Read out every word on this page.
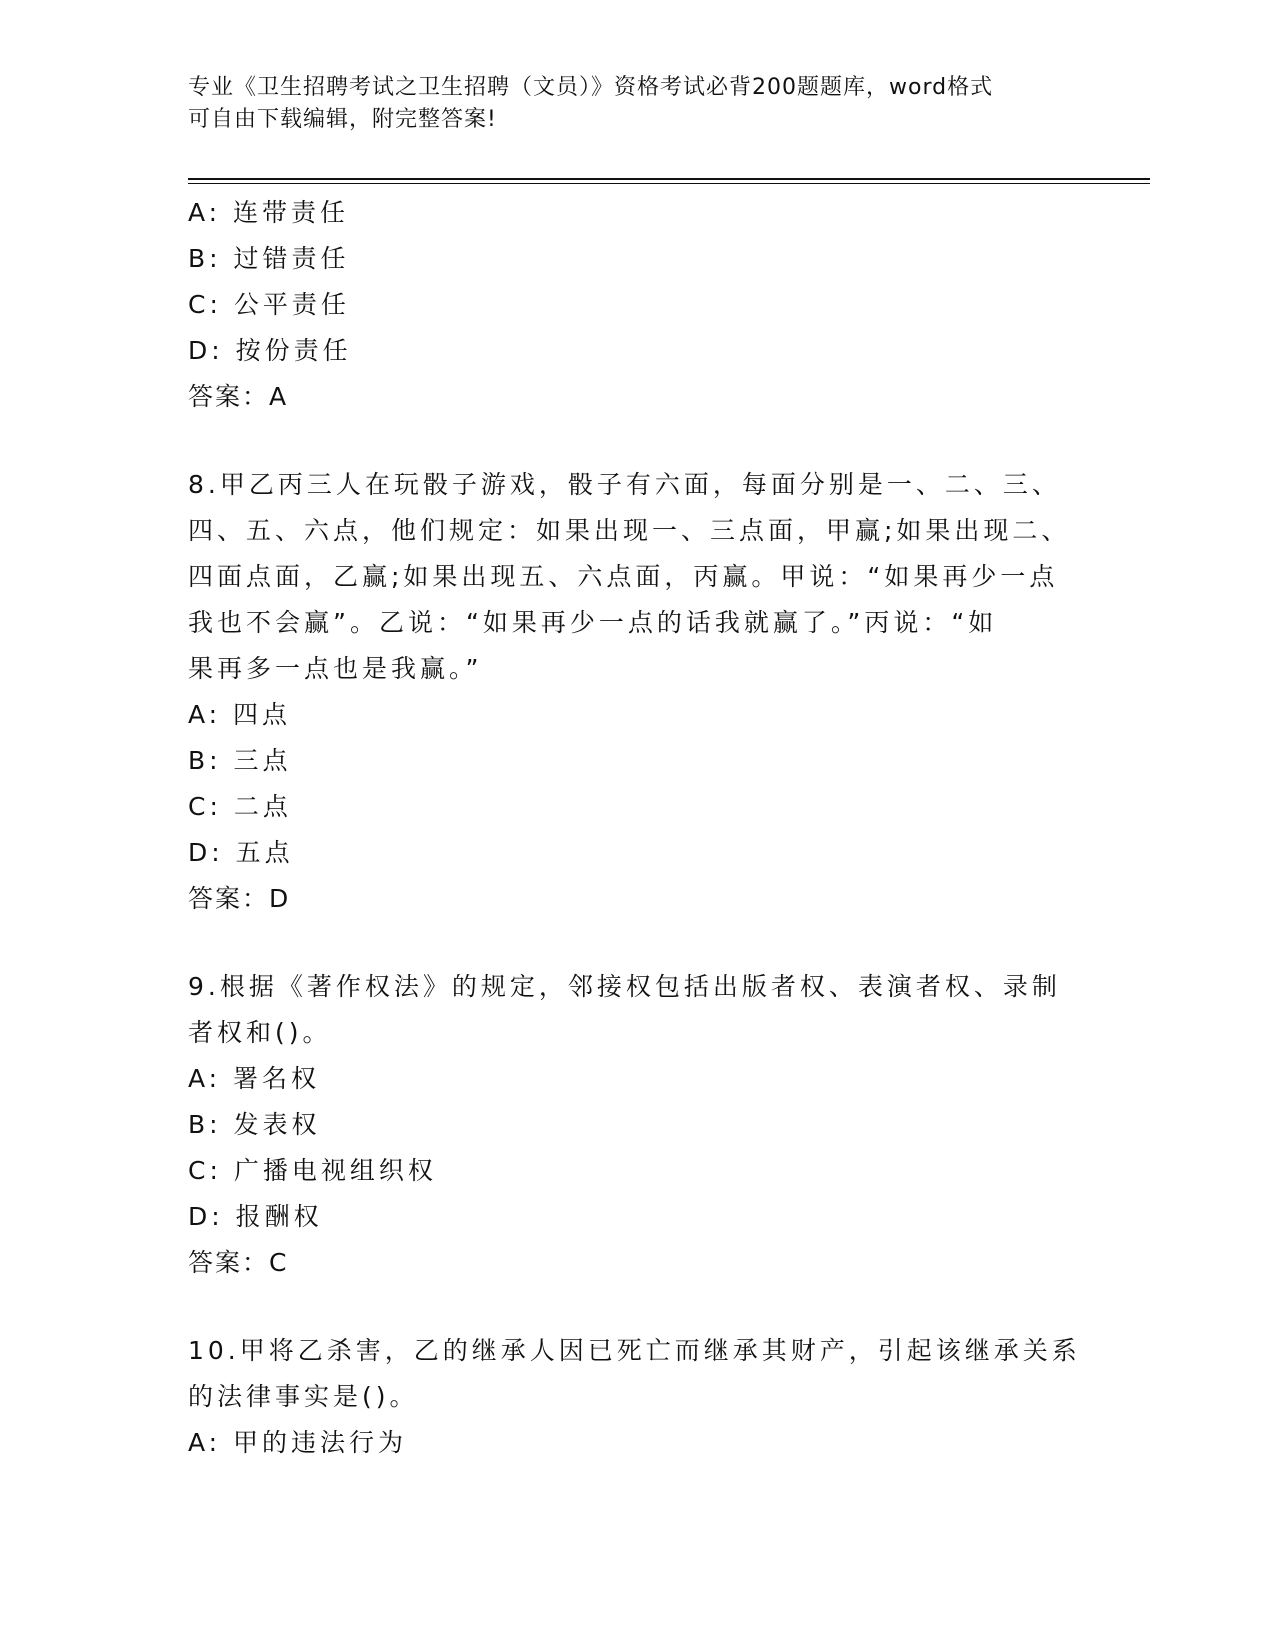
专业《卫生招聘考试之卫生招聘（文员）》资格考试必背200题题库，word格式
可自由下载编辑，附完整答案!
A: 连带责任
B: 过错责任
C: 公平责任
D: 按份责任
答案：A
8.甲乙丙三人在玩骰子游戏，骰子有六面，每面分别是一、二、三、
四、五、六点，他们规定：如果出现一、三点面，甲赢;如果出现二、
四面点面，乙赢;如果出现五、六点面，丙赢。甲说：“如果再少一点
我也不会赢”。乙说：“如果再少一点的话我就赢了。”丙说：“如
果再多一点也是我赢。”
A: 四点
B: 三点
C: 二点
D: 五点
答案：D
9.根据《著作权法》的规定，邻接权包括出版者权、表演者权、录制
者权和()。
A: 署名权
B: 发表权
C: 广播电视组织权
D: 报酬权
答案：C
10.甲将乙杀害，乙的继承人因已死亡而继承其财产，引起该继承关系
的法律事实是()。
A: 甲的违法行为
